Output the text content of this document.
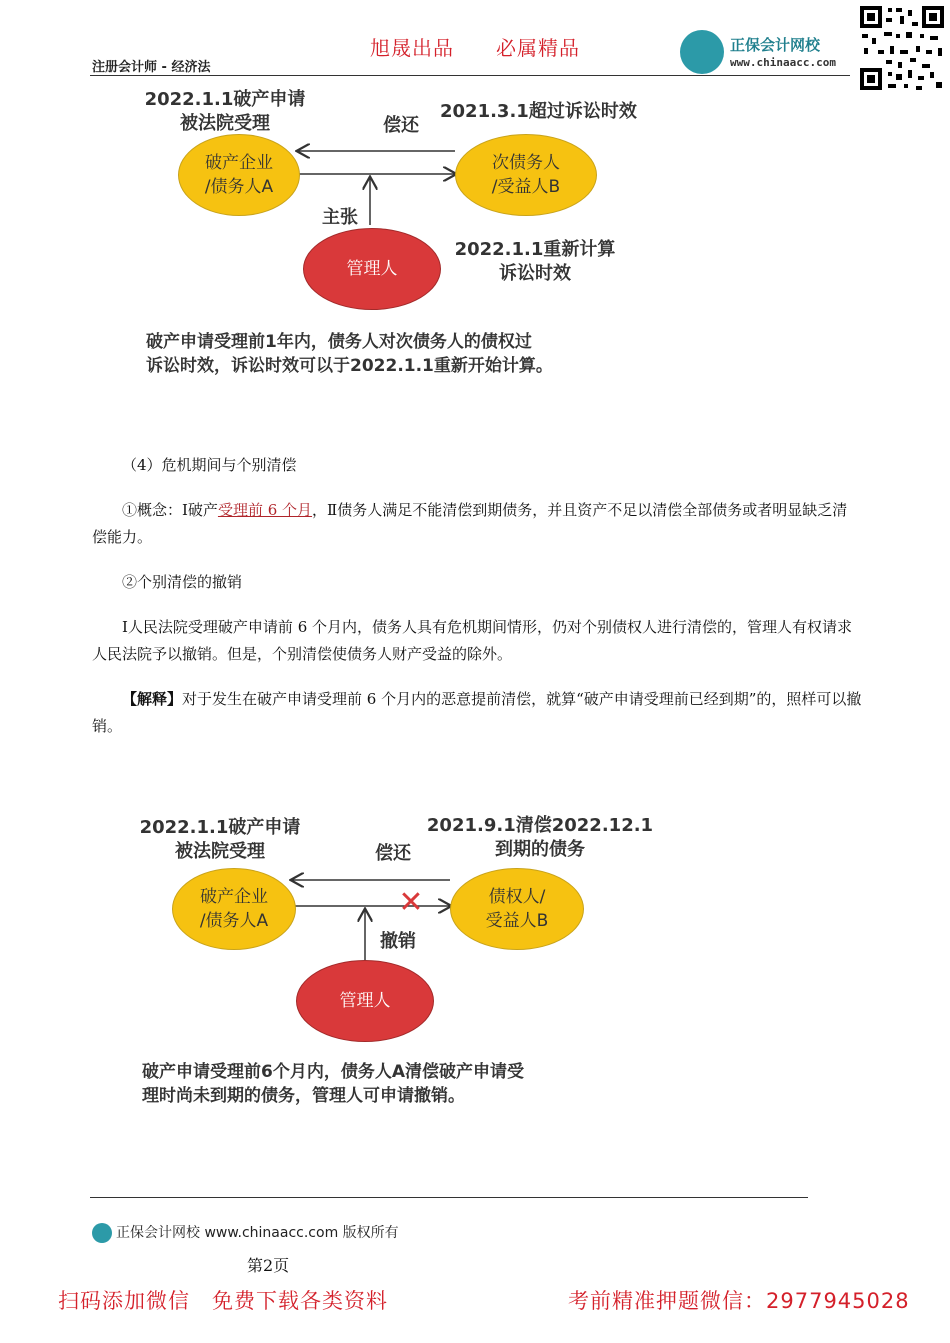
注册会计师 - 经济法
旭晟出品　　必属精品	正保会计网校
www.chinaacc.com
2022.1.1破产申请
被法院受理
2021.3.1超过诉讼时效
偿还
破产企业
/债务人A
次债务人
/受益人B
主张
管理人
2022.1.1重新计算
诉讼时效
破产申请受理前1年内，债务人对次债务人的债权过
诉讼时效，诉讼时效可以于2022.1.1重新开始计算。

（4）危机期间与个别清偿

①概念：Ⅰ破产受理前 6 个月，Ⅱ债务人满足不能清偿到期债务，并且资产不足以清偿全部债务或者明显缺乏清偿能力。

②个别清偿的撤销

Ⅰ人民法院受理破产申请前 6 个月内，债务人具有危机期间情形，仍对个别债权人进行清偿的，管理人有权请求人民法院予以撤销。但是，个别清偿使债务人财产受益的除外。

【解释】对于发生在破产申请受理前 6 个月内的恶意提前清偿，就算“破产申请受理前已经到期”的，照样可以撤销。

2022.1.1破产申请
被法院受理
2021.9.1清偿2022.12.1
到期的债务
偿还
✕
破产企业
/债务人A
债权人/
受益人B
撤销
管理人
破产申请受理前6个月内，债务人A清偿破产申请受
理时尚未到期的债务，管理人可申请撤销。
正保会计网校 www.chinaacc.com 版权所有
第2页
扫码添加微信　免费下载各类资料	考前精准押题微信：2977945028
